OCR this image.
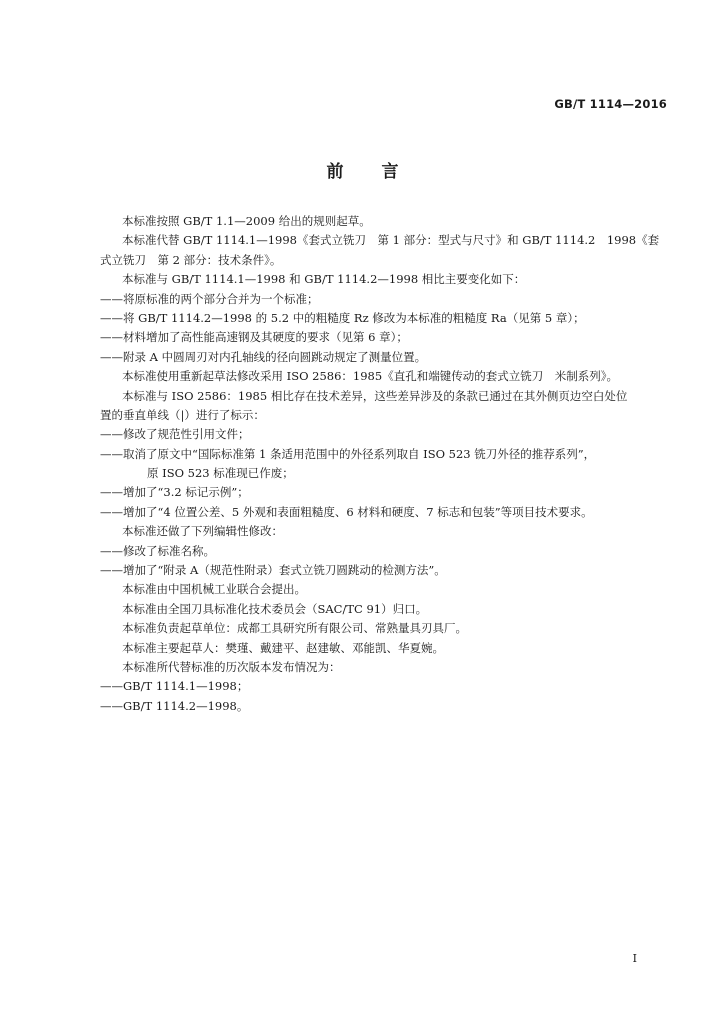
GB/T 1114—2016
前言
本标准按照 GB/T 1.1—2009 给出的规则起草。
本标准代替 GB/T 1114.1—1998《套式立铣刀　第 1 部分：型式与尺寸》和 GB/T 1114.2　1998《套
式立铣刀　第 2 部分：技术条件》。
本标准与 GB/T 1114.1—1998 和 GB/T 1114.2—1998 相比主要变化如下：
——将原标准的两个部分合并为一个标准；
——将 GB/T 1114.2—1998 的 5.2 中的粗糙度 Rz 修改为本标准的粗糙度 Ra（见第 5 章）；
——材料增加了高性能高速钢及其硬度的要求（见第 6 章）；
——附录 A 中圆周刃对内孔轴线的径向圆跳动规定了测量位置。
本标准使用重新起草法修改采用 ISO 2586：1985《直孔和端键传动的套式立铣刀　米制系列》。
本标准与 ISO 2586：1985 相比存在技术差异，这些差异涉及的条款已通过在其外侧页边空白处位
置的垂直单线（|）进行了标示：
——修改了规范性引用文件；
——取消了原文中“国际标准第 1 条适用范围中的外径系列取自 ISO 523 铣刀外径的推荐系列”，
原 ISO 523 标准现已作废；
——增加了“3.2 标记示例”；
——增加了“4 位置公差、5 外观和表面粗糙度、6 材料和硬度、7 标志和包装”等项目技术要求。
本标准还做了下列编辑性修改：
——修改了标准名称。
——增加了“附录 A（规范性附录）套式立铣刀圆跳动的检测方法”。
本标准由中国机械工业联合会提出。
本标准由全国刀具标准化技术委员会（SAC/TC 91）归口。
本标准负责起草单位：成都工具研究所有限公司、常熟量具刃具厂。
本标准主要起草人：樊瑾、戴建平、赵建敏、邓能凯、华夏婉。
本标准所代替标准的历次版本发布情况为：
——GB/T 1114.1—1998；
——GB/T 1114.2—1998。
I
